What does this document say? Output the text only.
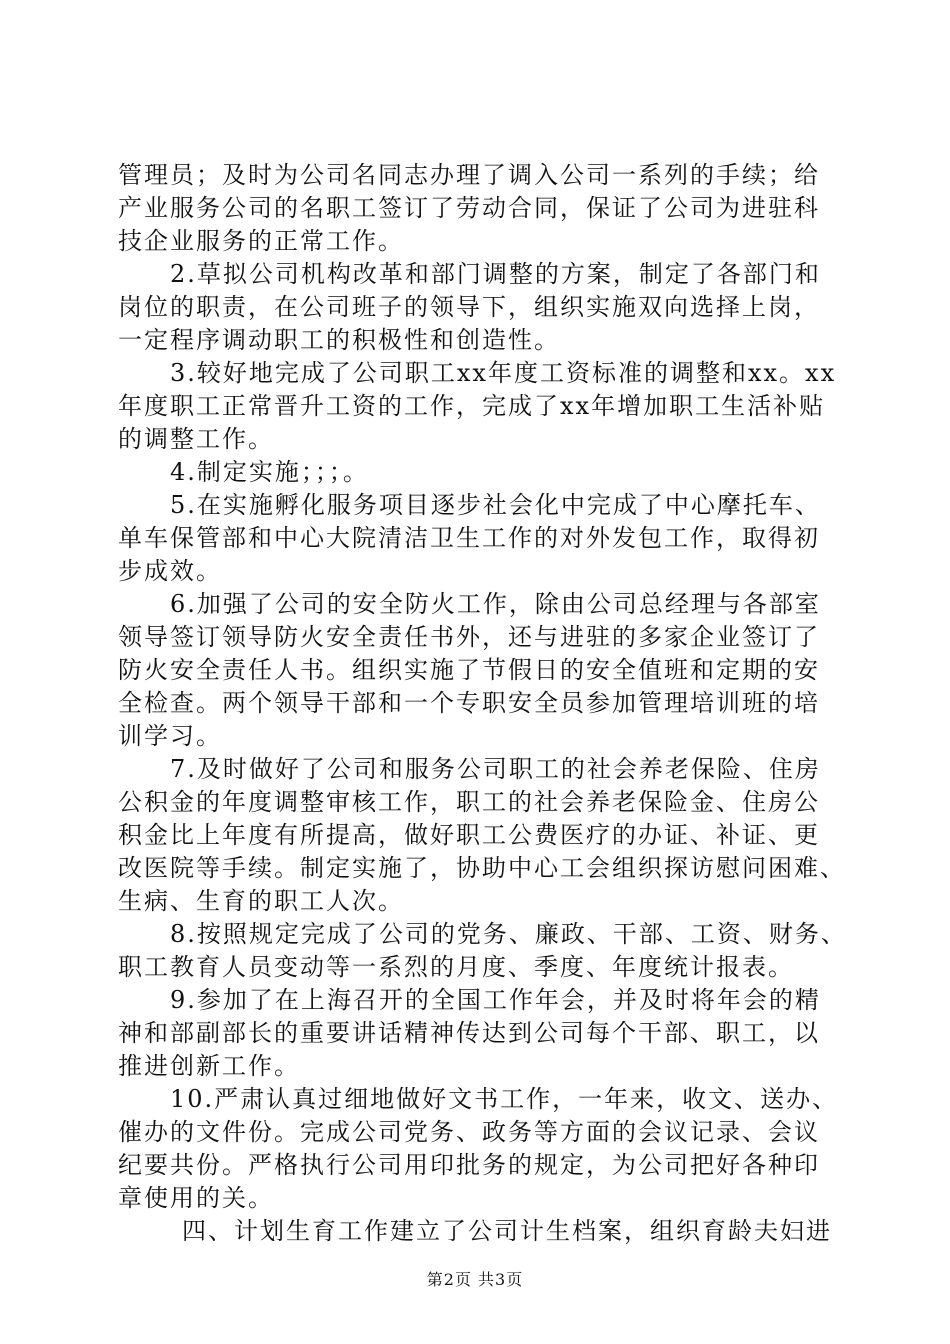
管理员；及时为公司名同志办理了调入公司一系列的手续；给
产业服务公司的名职工签订了劳动合同，保证了公司为进驻科
技企业服务的正常工作。
2.草拟公司机构改革和部门调整的方案，制定了各部门和
岗位的职责，在公司班子的领导下，组织实施双向选择上岗，
一定程序调动职工的积极性和创造性。
3.较好地完成了公司职工xx年度工资标准的调整和xx。xx
年度职工正常晋升工资的工作，完成了xx年增加职工生活补贴
的调整工作。
4.制定实施；；；。
5.在实施孵化服务项目逐步社会化中完成了中心摩托车、
单车保管部和中心大院清洁卫生工作的对外发包工作，取得初
步成效。
6.加强了公司的安全防火工作，除由公司总经理与各部室
领导签订领导防火安全责任书外，还与进驻的多家企业签订了
防火安全责任人书。组织实施了节假日的安全值班和定期的安
全检查。两个领导干部和一个专职安全员参加管理培训班的培
训学习。
7.及时做好了公司和服务公司职工的社会养老保险、住房
公积金的年度调整审核工作，职工的社会养老保险金、住房公
积金比上年度有所提高，做好职工公费医疗的办证、补证、更
改医院等手续。制定实施了，协助中心工会组织探访慰问困难、
生病、生育的职工人次。
8.按照规定完成了公司的党务、廉政、干部、工资、财务、
职工教育人员变动等一系烈的月度、季度、年度统计报表。
9.参加了在上海召开的全国工作年会，并及时将年会的精
神和部副部长的重要讲话精神传达到公司每个干部、职工，以
推进创新工作。
10.严肃认真过细地做好文书工作，一年来，收文、送办、
催办的文件份。完成公司党务、政务等方面的会议记录、会议
纪要共份。严格执行公司用印批务的规定，为公司把好各种印
章使用的关。
四、计划生育工作建立了公司计生档案，组织育龄夫妇进
第2页 共3页
